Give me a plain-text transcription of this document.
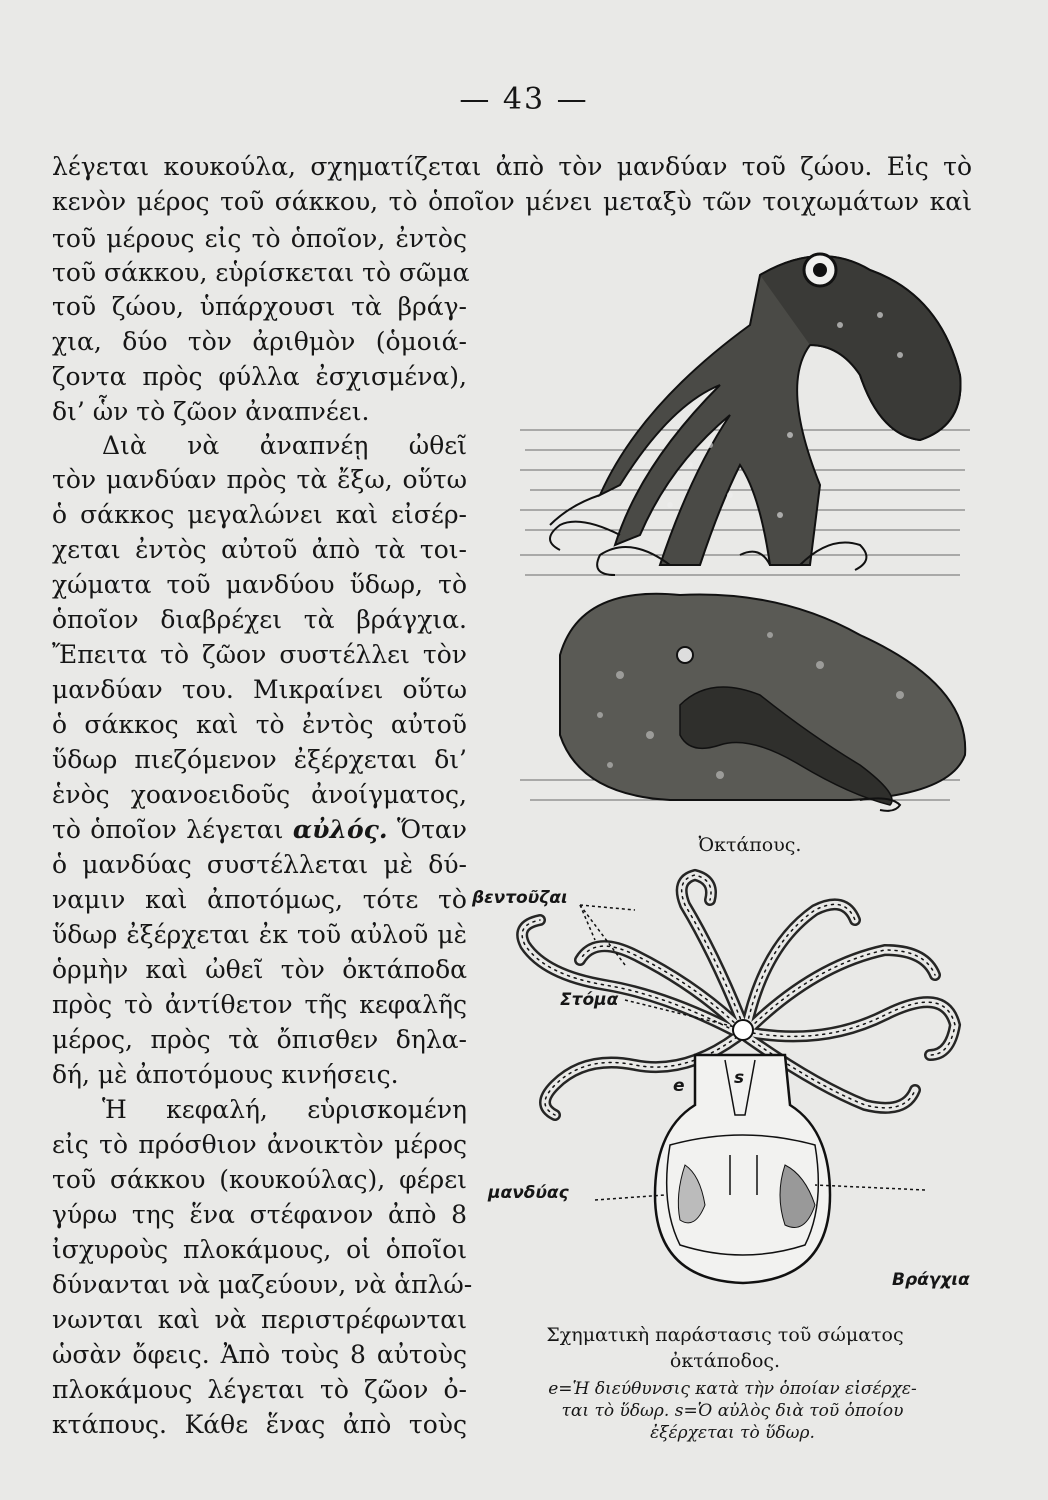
— 43 —
λέγεται κουκούλα, σχηματίζεται ἀπὸ τὸν μανδύαν τοῦ ζώου. Εἰς τὸ
κενὸν μέρος τοῦ σάκκου, τὸ ὁποῖον μένει μεταξὺ τῶν τοιχωμάτων καὶ
τοῦ μέρους εἰς τὸ ὁποῖον, ἐντὸς
τοῦ σάκκου, εὑρίσκεται τὸ σῶμα
τοῦ ζώου, ὑπάρχουσι τὰ βράγ-
χια, δύο τὸν ἀριθμὸν (ὁμοιά-
ζοντα πρὸς φύλλα ἐσχισμένα),
δι’ ὧν τὸ ζῶον ἀναπνέει.
Διὰ νὰ ἀναπνέῃ ὠθεῖ
τὸν μανδύαν πρὸς τὰ ἔξω, οὕτω
ὁ σάκκος μεγαλώνει καὶ εἰσέρ-
χεται ἐντὸς αὐτοῦ ἀπὸ τὰ τοι-
χώματα τοῦ μανδύου ὕδωρ, τὸ
ὁποῖον διαβρέχει τὰ βράγχια.
Ἔπειτα τὸ ζῶον συστέλλει τὸν
μανδύαν του. Μικραίνει οὕτω
ὁ σάκκος καὶ τὸ ἐντὸς αὐτοῦ
ὕδωρ πιεζόμενον ἐξέρχεται δι’
ἑνὸς χοανοειδοῦς ἀνοίγματος,
τὸ ὁποῖον λέγεται αὐλός. Ὅταν
ὁ μανδύας συστέλλεται μὲ δύ-
ναμιν καὶ ἀποτόμως, τότε τὸ
ὕδωρ ἐξέρχεται ἐκ τοῦ αὐλοῦ μὲ
ὁρμὴν καὶ ὠθεῖ τὸν ὀκτάποδα
πρὸς τὸ ἀντίθετον τῆς κεφαλῆς
μέρος, πρὸς τὰ ὄπισθεν δηλα-
δή, μὲ ἀποτόμους κινήσεις.
Ἡ κεφαλή, εὑρισκομένη
εἰς τὸ πρόσθιον ἀνοικτὸν μέρος
τοῦ σάκκου (κουκούλας), φέρει
γύρω της ἕνα στέφανον ἀπὸ 8
ἰσχυροὺς πλοκάμους, οἱ ὁποῖοι
δύνανται νὰ μαζεύουν, νὰ ἁπλώ-
νωνται καὶ νὰ περιστρέφωνται
ὡσὰν ὄφεις. Ἀπὸ τοὺς 8 αὐτοὺς
πλοκάμους λέγεται τὸ ζῶον ὀ-
κτάπους. Κάθε ἕνας ἀπὸ τοὺς
Ὀκτάπους.
βεντοῦζαι
Στόμα
μανδύας
Βράγχια
e	s
Σχηματικὴ παράστασις τοῦ σώματος
ὀκτάποδος.
e=Ἡ διεύθυνσις κατὰ τὴν ὁποίαν εἰσέρχε-
ται τὸ ὕδωρ. s=Ὁ αὐλὸς διὰ τοῦ ὁποίου
ἐξέρχεται τὸ ὕδωρ.
